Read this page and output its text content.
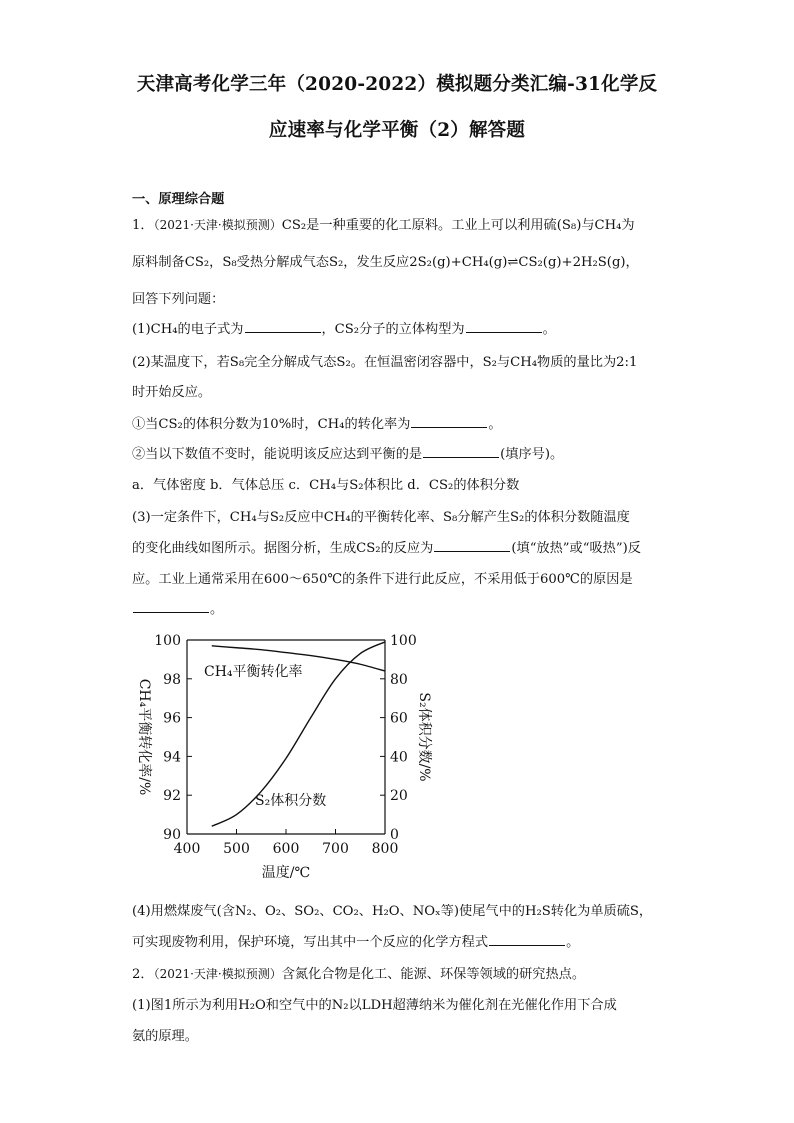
天津高考化学三年（2020-2022）模拟题分类汇编-31化学反
应速率与化学平衡（2）解答题
一、原理综合题
1．（2021·天津·模拟预测）CS₂是一种重要的化工原料。工业上可以利用硫(S₈)与CH₄为
原料制备CS₂，S₈受热分解成气态S₂，发生反应2S₂(g)+CH₄(g)⇌CS₂(g)+2H₂S(g)，
回答下列问题：
(1)CH₄的电子式为	，CS₂分子的立体构型为	。
(2)某温度下，若S₈完全分解成气态S₂。在恒温密闭容器中，S₂与CH₄物质的量比为2:1
时开始反应。
①当CS₂的体积分数为10%时，CH₄的转化率为	。
②当以下数值不变时，能说明该反应达到平衡的是	(填序号)。
a．气体密度 b．气体总压 c．CH₄与S₂体积比 d．CS₂的体积分数
(3)一定条件下，CH₄与S₂反应中CH₄的平衡转化率、S₈分解产生S₂的体积分数随温度
的变化曲线如图所示。据图分析，生成CS₂的反应为	(填“放热”或“吸热”)反
应。工业上通常采用在600～650℃的条件下进行此反应，不采用低于600℃的原因是
。
400 500 600 700 800
90
92
94
96
98
100
0
20
40
60
80
100
CH₄平衡转化率
S₂体积分数
温度/℃
CH₄平衡转化率/%	S₂体积分数/%
(4)用燃煤废气(含N₂、O₂、SO₂、CO₂、H₂O、NOₓ等)使尾气中的H₂S转化为单质硫S，
可实现废物利用，保护环境，写出其中一个反应的化学方程式	。
2．（2021·天津·模拟预测）含氮化合物是化工、能源、环保等领域的研究热点。
(1)图1所示为利用H₂O和空气中的N₂以LDH超薄纳米为催化剂在光催化作用下合成
氨的原理。
